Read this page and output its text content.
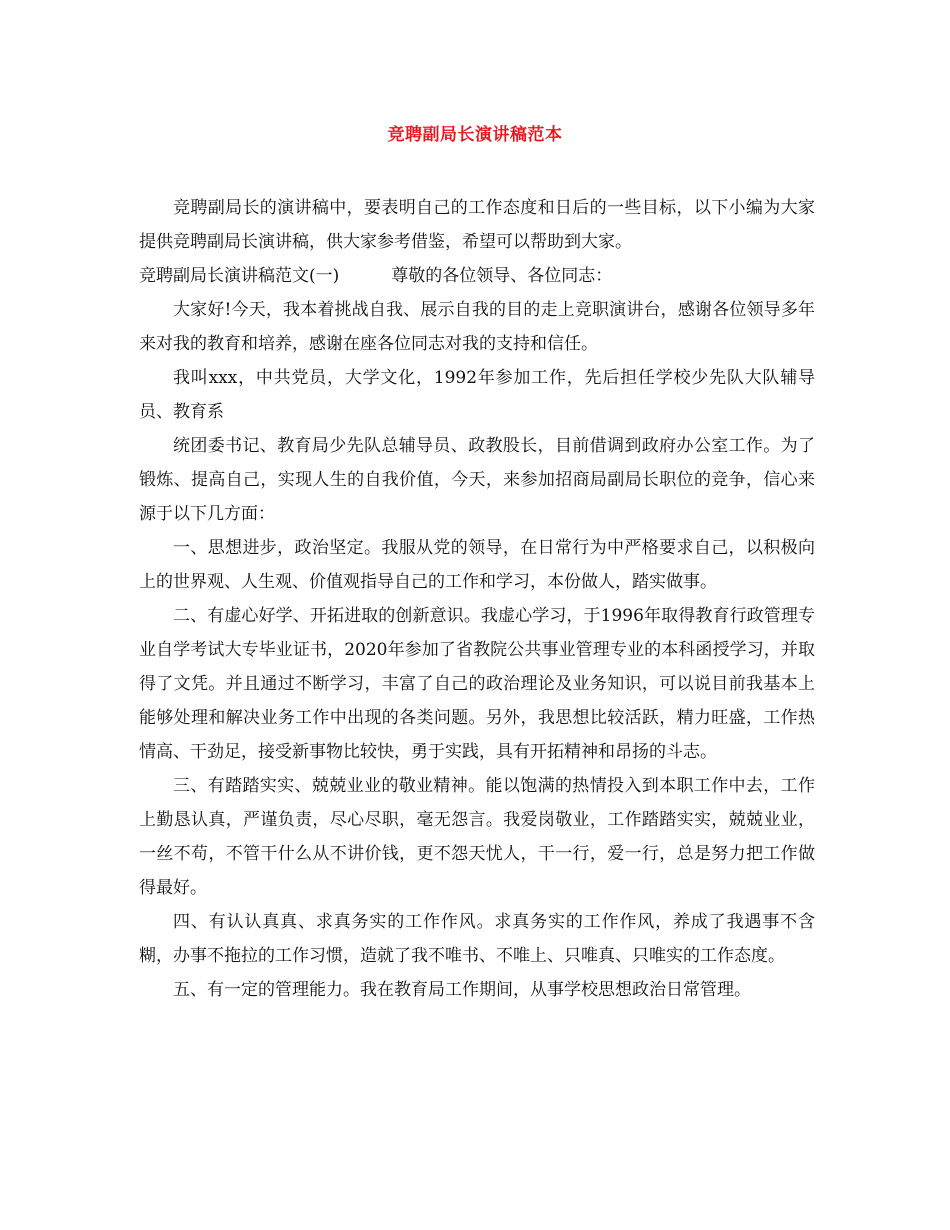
竞聘副局长演讲稿范本

竞聘副局长的演讲稿中，要表明自己的工作态度和日后的一些目标，以下小编为大家提供竞聘副局长演讲稿，供大家参考借鉴，希望可以帮助到大家。

竞聘副局长演讲稿范文(一)	尊敬的各位领导、各位同志：

大家好!今天，我本着挑战自我、展示自我的目的走上竞职演讲台，感谢各位领导多年来对我的教育和培养，感谢在座各位同志对我的支持和信任。

我叫xxx，中共党员，大学文化，1992年参加工作，先后担任学校少先队大队辅导员、教育系

统团委书记、教育局少先队总辅导员、政教股长，目前借调到政府办公室工作。为了锻炼、提高自己，实现人生的自我价值，今天，来参加招商局副局长职位的竞争，信心来源于以下几方面：

一、思想进步，政治坚定。我服从党的领导，在日常行为中严格要求自己，以积极向上的世界观、人生观、价值观指导自己的工作和学习，本份做人，踏实做事。

二、有虚心好学、开拓进取的创新意识。我虚心学习，于1996年取得教育行政管理专业自学考试大专毕业证书，2020年参加了省教院公共事业管理专业的本科函授学习，并取得了文凭。并且通过不断学习，丰富了自己的政治理论及业务知识，可以说目前我基本上能够处理和解决业务工作中出现的各类问题。另外，我思想比较活跃，精力旺盛，工作热情高、干劲足，接受新事物比较快，勇于实践，具有开拓精神和昂扬的斗志。

三、有踏踏实实、兢兢业业的敬业精神。能以饱满的热情投入到本职工作中去，工作上勤恳认真，严谨负责，尽心尽职，毫无怨言。我爱岗敬业，工作踏踏实实，兢兢业业，一丝不苟，不管干什么从不讲价钱，更不怨天忧人，干一行，爱一行，总是努力把工作做得最好。

四、有认认真真、求真务实的工作作风。求真务实的工作作风，养成了我遇事不含糊，办事不拖拉的工作习惯，造就了我不唯书、不唯上、只唯真、只唯实的工作态度。

五、有一定的管理能力。我在教育局工作期间，从事学校思想政治日常管理。
